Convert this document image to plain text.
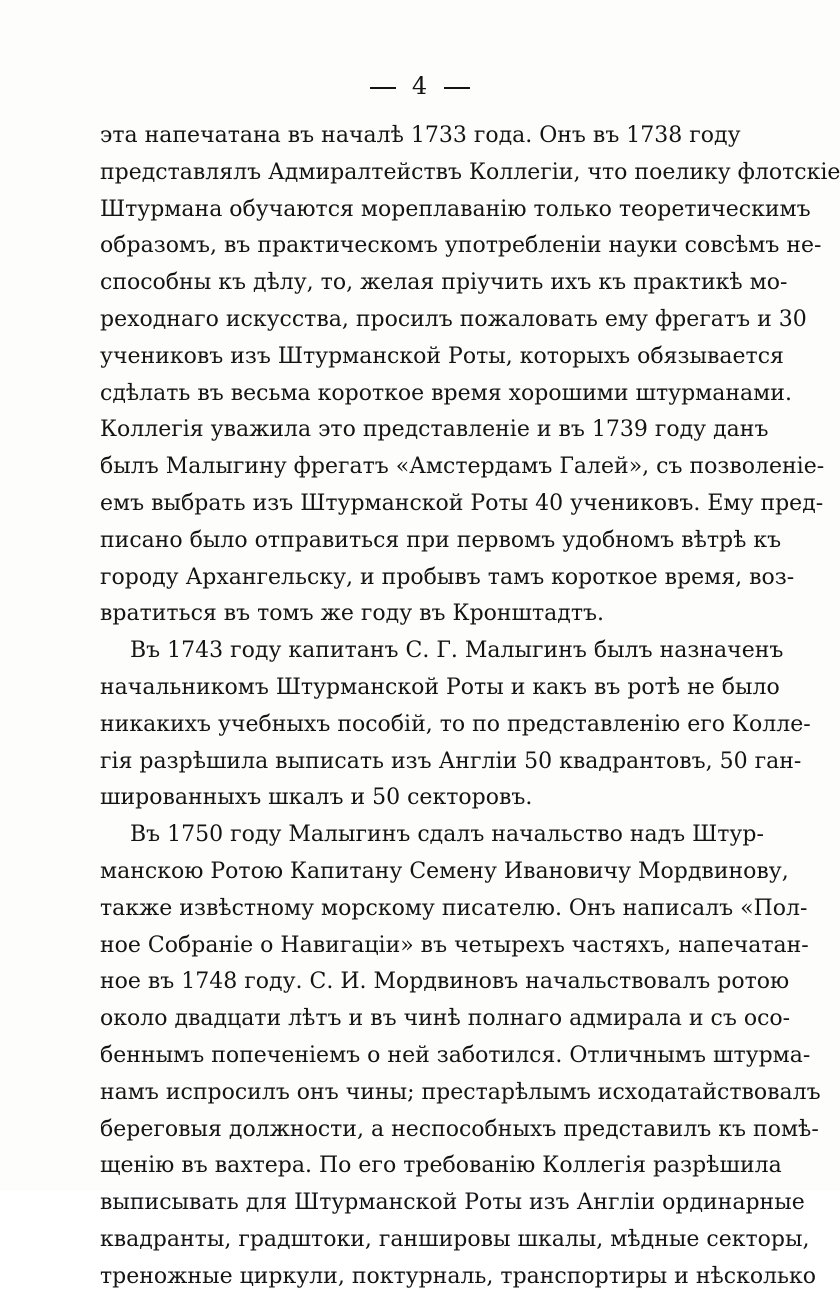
4
эта напечатана въ началѣ 1733 года. Онъ въ 1738 году
представлялъ Адмиралтействъ Коллегіи, что поелику флотскіе
Штурмана обучаются мореплаванію только теоретическимъ
образомъ, въ практическомъ употребленіи науки совсѣмъ не-
способны къ дѣлу, то, желая пріучить ихъ къ практикѣ мо-
реходнаго искусства, просилъ пожаловать ему фрегатъ и 30
учениковъ изъ Штурманской Роты, которыхъ обязывается
сдѣлать въ весьма короткое время хорошими штурманами.
Коллегія уважила это представленіе и въ 1739 году данъ
былъ Малыгину фрегатъ «Амстердамъ Галей», съ позволеніе-
емъ выбрать изъ Штурманской Роты 40 учениковъ. Ему пред-
писано было отправиться при первомъ удобномъ вѣтрѣ къ
городу Архангельску, и пробывъ тамъ короткое время, воз-
вратиться въ томъ же году въ Кронштадтъ.
Въ 1743 году капитанъ С. Г. Малыгинъ былъ назначенъ
начальникомъ Штурманской Роты и какъ въ ротѣ не было
никакихъ учебныхъ пособій, то по представленію его Колле-
гія разрѣшила выписать изъ Англіи 50 квадрантовъ, 50 ган-
шированныхъ шкалъ и 50 секторовъ.
Въ 1750 году Малыгинъ сдалъ начальство надъ Штур-
манскою Ротою Капитану Семену Ивановичу Мордвинову,
также извѣстному морскому писателю. Онъ написалъ «Пол-
ное Собраніе о Навигаціи» въ четырехъ частяхъ, напечатан-
ное въ 1748 году. С. И. Мордвиновъ начальствовалъ ротою
около двадцати лѣтъ и въ чинѣ полнаго адмирала и съ осо-
беннымъ попеченіемъ о ней заботился. Отличнымъ штурма-
намъ испросилъ онъ чины; престарѣлымъ исходатайствовалъ
береговыя должности, а неспособныхъ представилъ къ помѣ-
щенію въ вахтера. По его требованію Коллегія разрѣшила
выписывать для Штурманской Роты изъ Англіи ординарные
квадранты, градштоки, ганшировы шкалы, мѣдные секторы,
треножные циркули, поктурналь, транспортиры и нѣсколько
